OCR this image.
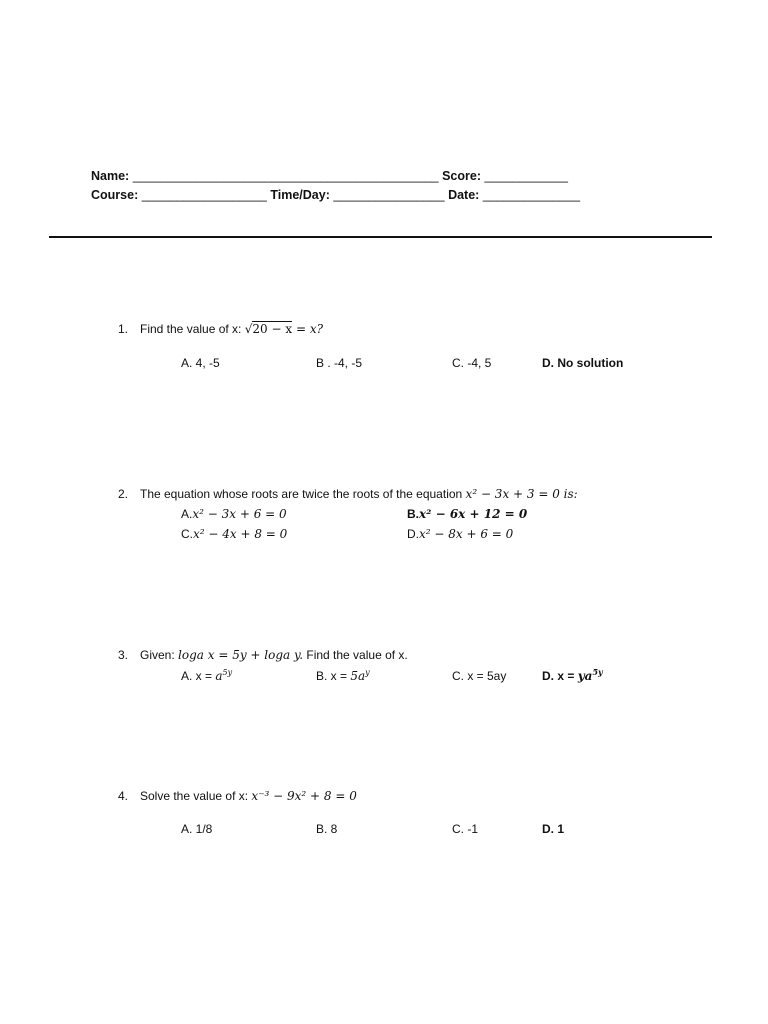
Name: ____________________________________________ Score: ____________
Course: __________________ Time/Day: ________________ Date: ______________
1. Find the value of x: √20 − x = x?
A. 4, -5	B . -4, -5	C. -4, 5	D. No solution
2. The equation whose roots are twice the roots of the equation x² − 3x + 3 = 0 is:
A.x² − 3x + 6 = 0	B.x² − 6x + 12 = 0
C.x² − 4x + 8 = 0	D.x² − 8x + 6 = 0
3. Given: loga x = 5y + loga y. Find the value of x.
A. $x = a^{5y}$	B. $x = 5a^y$	C. x = 5ay	D. $x = ya^{5y}$
4. Solve the value of x: x⁻³ − 9x² + 8 = 0
A. 1/8	B. 8	C. -1	D. 1
